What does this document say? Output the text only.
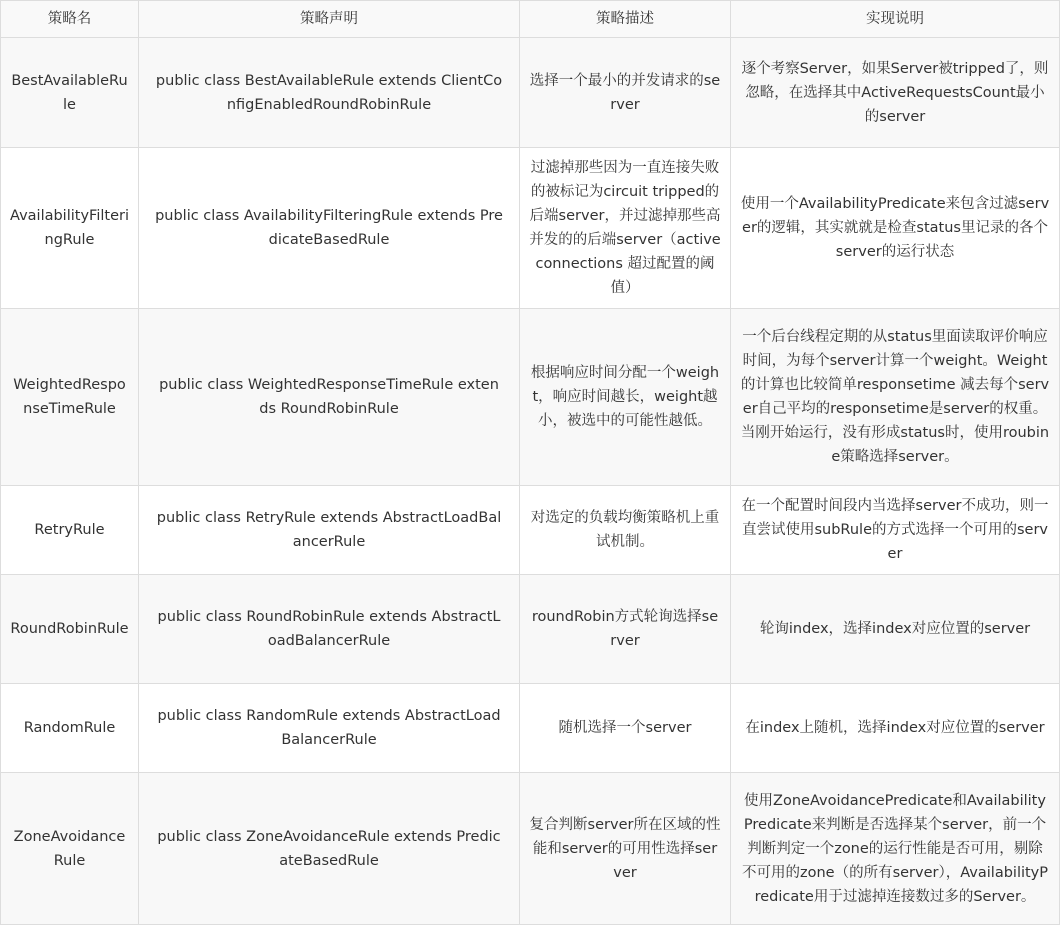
策略名	策略声明	策略描述	实现说明
BestAvailableRule	public class BestAvailableRule extends ClientConfigEnabledRoundRobinRule	选择一个最小的并发请求的server	逐个考察Server，如果Server被tripped了，则忽略，在选择其中ActiveRequestsCount最小的server
AvailabilityFilteringRule	public class AvailabilityFilteringRule extends PredicateBasedRule	过滤掉那些因为一直连接失败的被标记为circuit tripped的后端server，并过滤掉那些高并发的的后端server（active connections 超过配置的阈值）	使用一个AvailabilityPredicate来包含过滤server的逻辑，其实就就是检查status里记录的各个server的运行状态
WeightedResponseTimeRule	public class WeightedResponseTimeRule extends RoundRobinRule	根据响应时间分配一个weight，响应时间越长，weight越小，被选中的可能性越低。	一个后台线程定期的从status里面读取评价响应时间，为每个server计算一个weight。Weight的计算也比较简单responsetime 减去每个server自己平均的responsetime是server的权重。当刚开始运行，没有形成status时，使用roubine策略选择server。
RetryRule	public class RetryRule extends AbstractLoadBalancerRule	对选定的负载均衡策略机上重试机制。	在一个配置时间段内当选择server不成功，则一直尝试使用subRule的方式选择一个可用的server
RoundRobinRule	public class RoundRobinRule extends AbstractLoadBalancerRule	roundRobin方式轮询选择server	轮询index，选择index对应位置的server
RandomRule	public class RandomRule extends AbstractLoadBalancerRule	随机选择一个server	在index上随机，选择index对应位置的server
ZoneAvoidanceRule	public class ZoneAvoidanceRule extends PredicateBasedRule	复合判断server所在区域的性能和server的可用性选择server	使用ZoneAvoidancePredicate和AvailabilityPredicate来判断是否选择某个server，前一个判断判定一个zone的运行性能是否可用，剔除不可用的zone（的所有server），AvailabilityPredicate用于过滤掉连接数过多的Server。
